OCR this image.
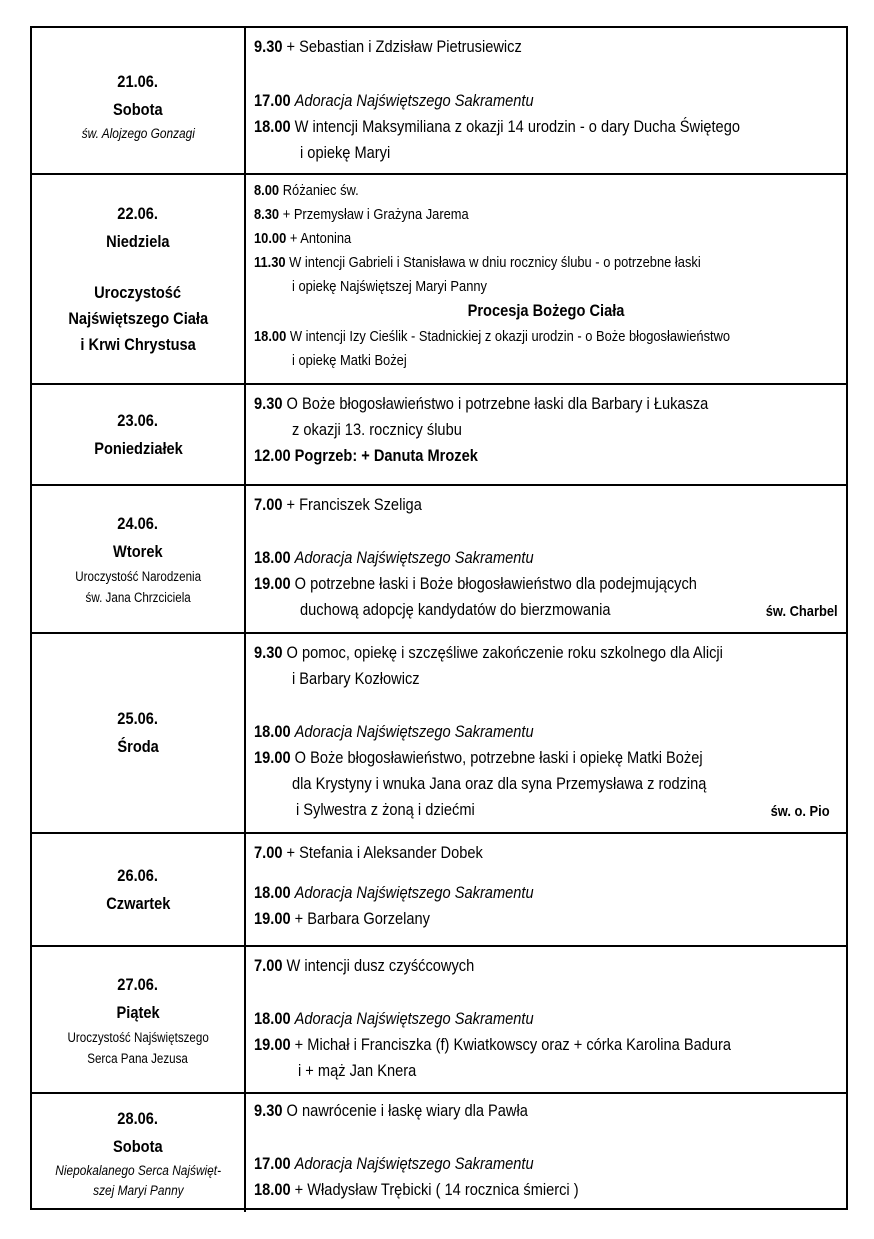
21.06.
Sobota
św. Alojzego Gonzagi
9.30 + Sebastian i Zdzisław Pietrusiewicz
17.00 Adoracja Najświętszego Sakramentu
18.00 W intencji Maksymiliana z okazji 14 urodzin - o dary Ducha Świętego
i opiekę Maryi
22.06.
Niedziela
Uroczystość
Najświętszego Ciała
i Krwi Chrystusa
8.00 Różaniec św.
8.30 + Przemysław i Grażyna Jarema
10.00 + Antonina
11.30 W intencji Gabrieli i Stanisława w dniu rocznicy ślubu - o potrzebne łaski
i opiekę Najświętszej Maryi Panny
Procesja Bożego Ciała
18.00 W intencji Izy Cieślik - Stadnickiej z okazji urodzin - o Boże błogosławieństwo
i opiekę Matki Bożej
23.06.
Poniedziałek
9.30 O Boże błogosławieństwo i potrzebne łaski dla Barbary i Łukasza
z okazji 13. rocznicy ślubu
12.00 Pogrzeb: + Danuta Mrozek
24.06.
Wtorek
Uroczystość Narodzenia
św. Jana Chrzciciela
7.00 + Franciszek Szeliga
18.00 Adoracja Najświętszego Sakramentu
19.00 O potrzebne łaski i Boże błogosławieństwo dla podejmujących
duchową adopcję kandydatów do bierzmowania	św. Charbel
25.06.
Środa
9.30 O pomoc, opiekę i szczęśliwe zakończenie roku szkolnego dla Alicji
i Barbary Kozłowicz
18.00 Adoracja Najświętszego Sakramentu
19.00 O Boże błogosławieństwo, potrzebne łaski i opiekę Matki Bożej
dla Krystyny i wnuka Jana oraz dla syna Przemysława z rodziną
i Sylwestra z żoną i dziećmi	św. o. Pio
26.06.
Czwartek
7.00 + Stefania i Aleksander Dobek
18.00 Adoracja Najświętszego Sakramentu
19.00 + Barbara Gorzelany
27.06.
Piątek
Uroczystość Najświętszego
Serca Pana Jezusa
7.00 W intencji dusz czyśćcowych
18.00 Adoracja Najświętszego Sakramentu
19.00 + Michał i Franciszka (f) Kwiatkowscy oraz + córka Karolina Badura
i + mąż Jan Knera
28.06.
Sobota
Niepokalanego Serca Najświęt-
szej Maryi Panny
9.30 O nawrócenie i łaskę wiary dla Pawła
17.00 Adoracja Najświętszego Sakramentu
18.00 + Władysław Trębicki ( 14 rocznica śmierci )
